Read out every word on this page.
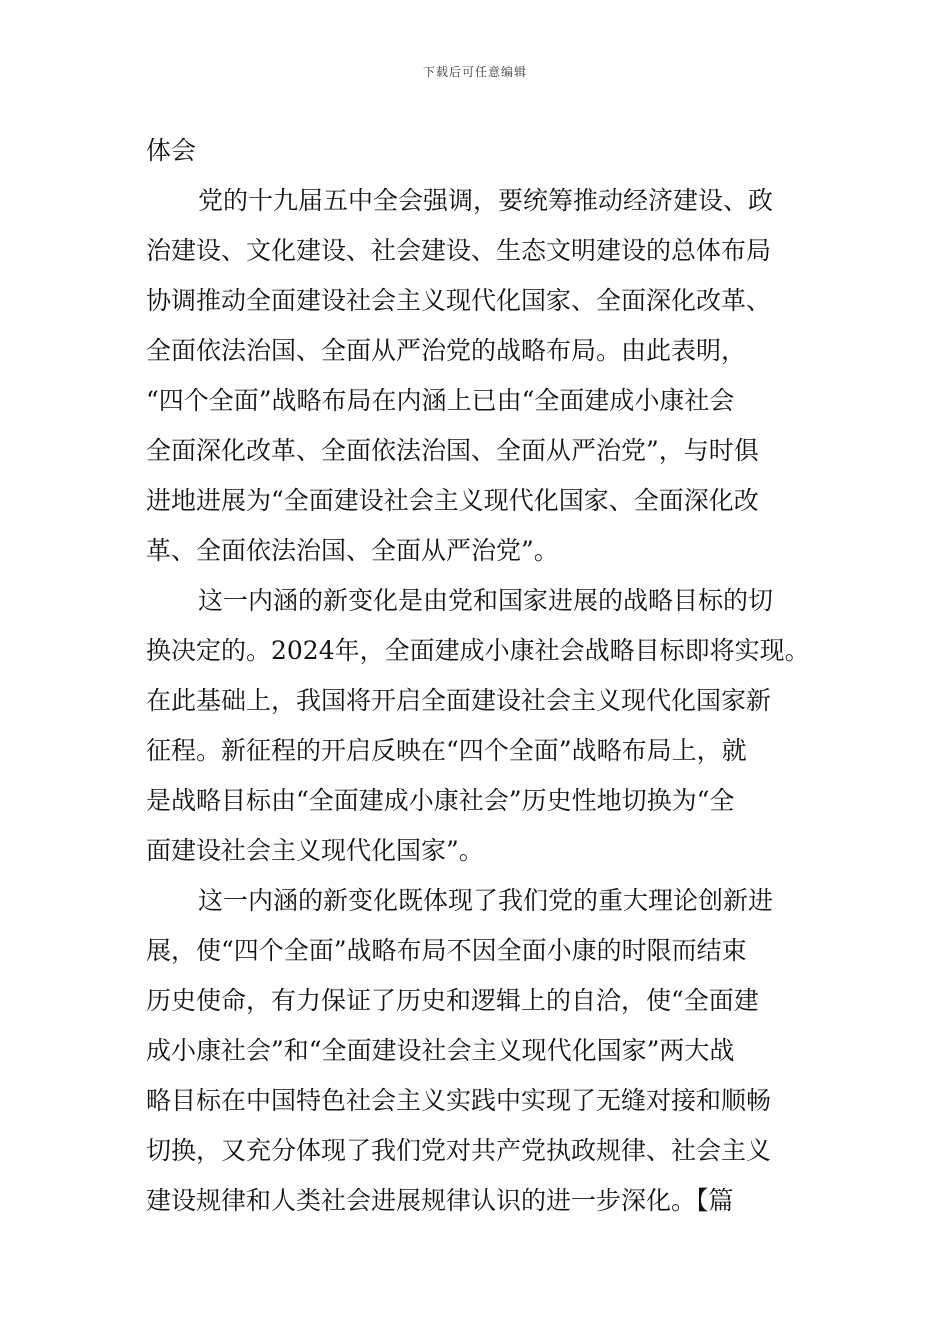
下载后可任意编辑
体会
党的十九届五中全会强调，要统筹推动经济建设、政
治建设、文化建设、社会建设、生态文明建设的总体布局
协调推动全面建设社会主义现代化国家、全面深化改革、
全面依法治国、全面从严治党的战略布局。由此表明，
“四个全面”战略布局在内涵上已由“全面建成小康社会
全面深化改革、全面依法治国、全面从严治党”，与时俱
进地进展为“全面建设社会主义现代化国家、全面深化改
革、全面依法治国、全面从严治党”。
这一内涵的新变化是由党和国家进展的战略目标的切
换决定的。2024年，全面建成小康社会战略目标即将实现。
在此基础上，我国将开启全面建设社会主义现代化国家新
征程。新征程的开启反映在“四个全面”战略布局上，就
是战略目标由“全面建成小康社会”历史性地切换为“全
面建设社会主义现代化国家”。
这一内涵的新变化既体现了我们党的重大理论创新进
展，使“四个全面”战略布局不因全面小康的时限而结束
历史使命，有力保证了历史和逻辑上的自洽，使“全面建
成小康社会”和“全面建设社会主义现代化国家”两大战
略目标在中国特色社会主义实践中实现了无缝对接和顺畅
切换，又充分体现了我们党对共产党执政规律、社会主义
建设规律和人类社会进展规律认识的进一步深化。【篇
